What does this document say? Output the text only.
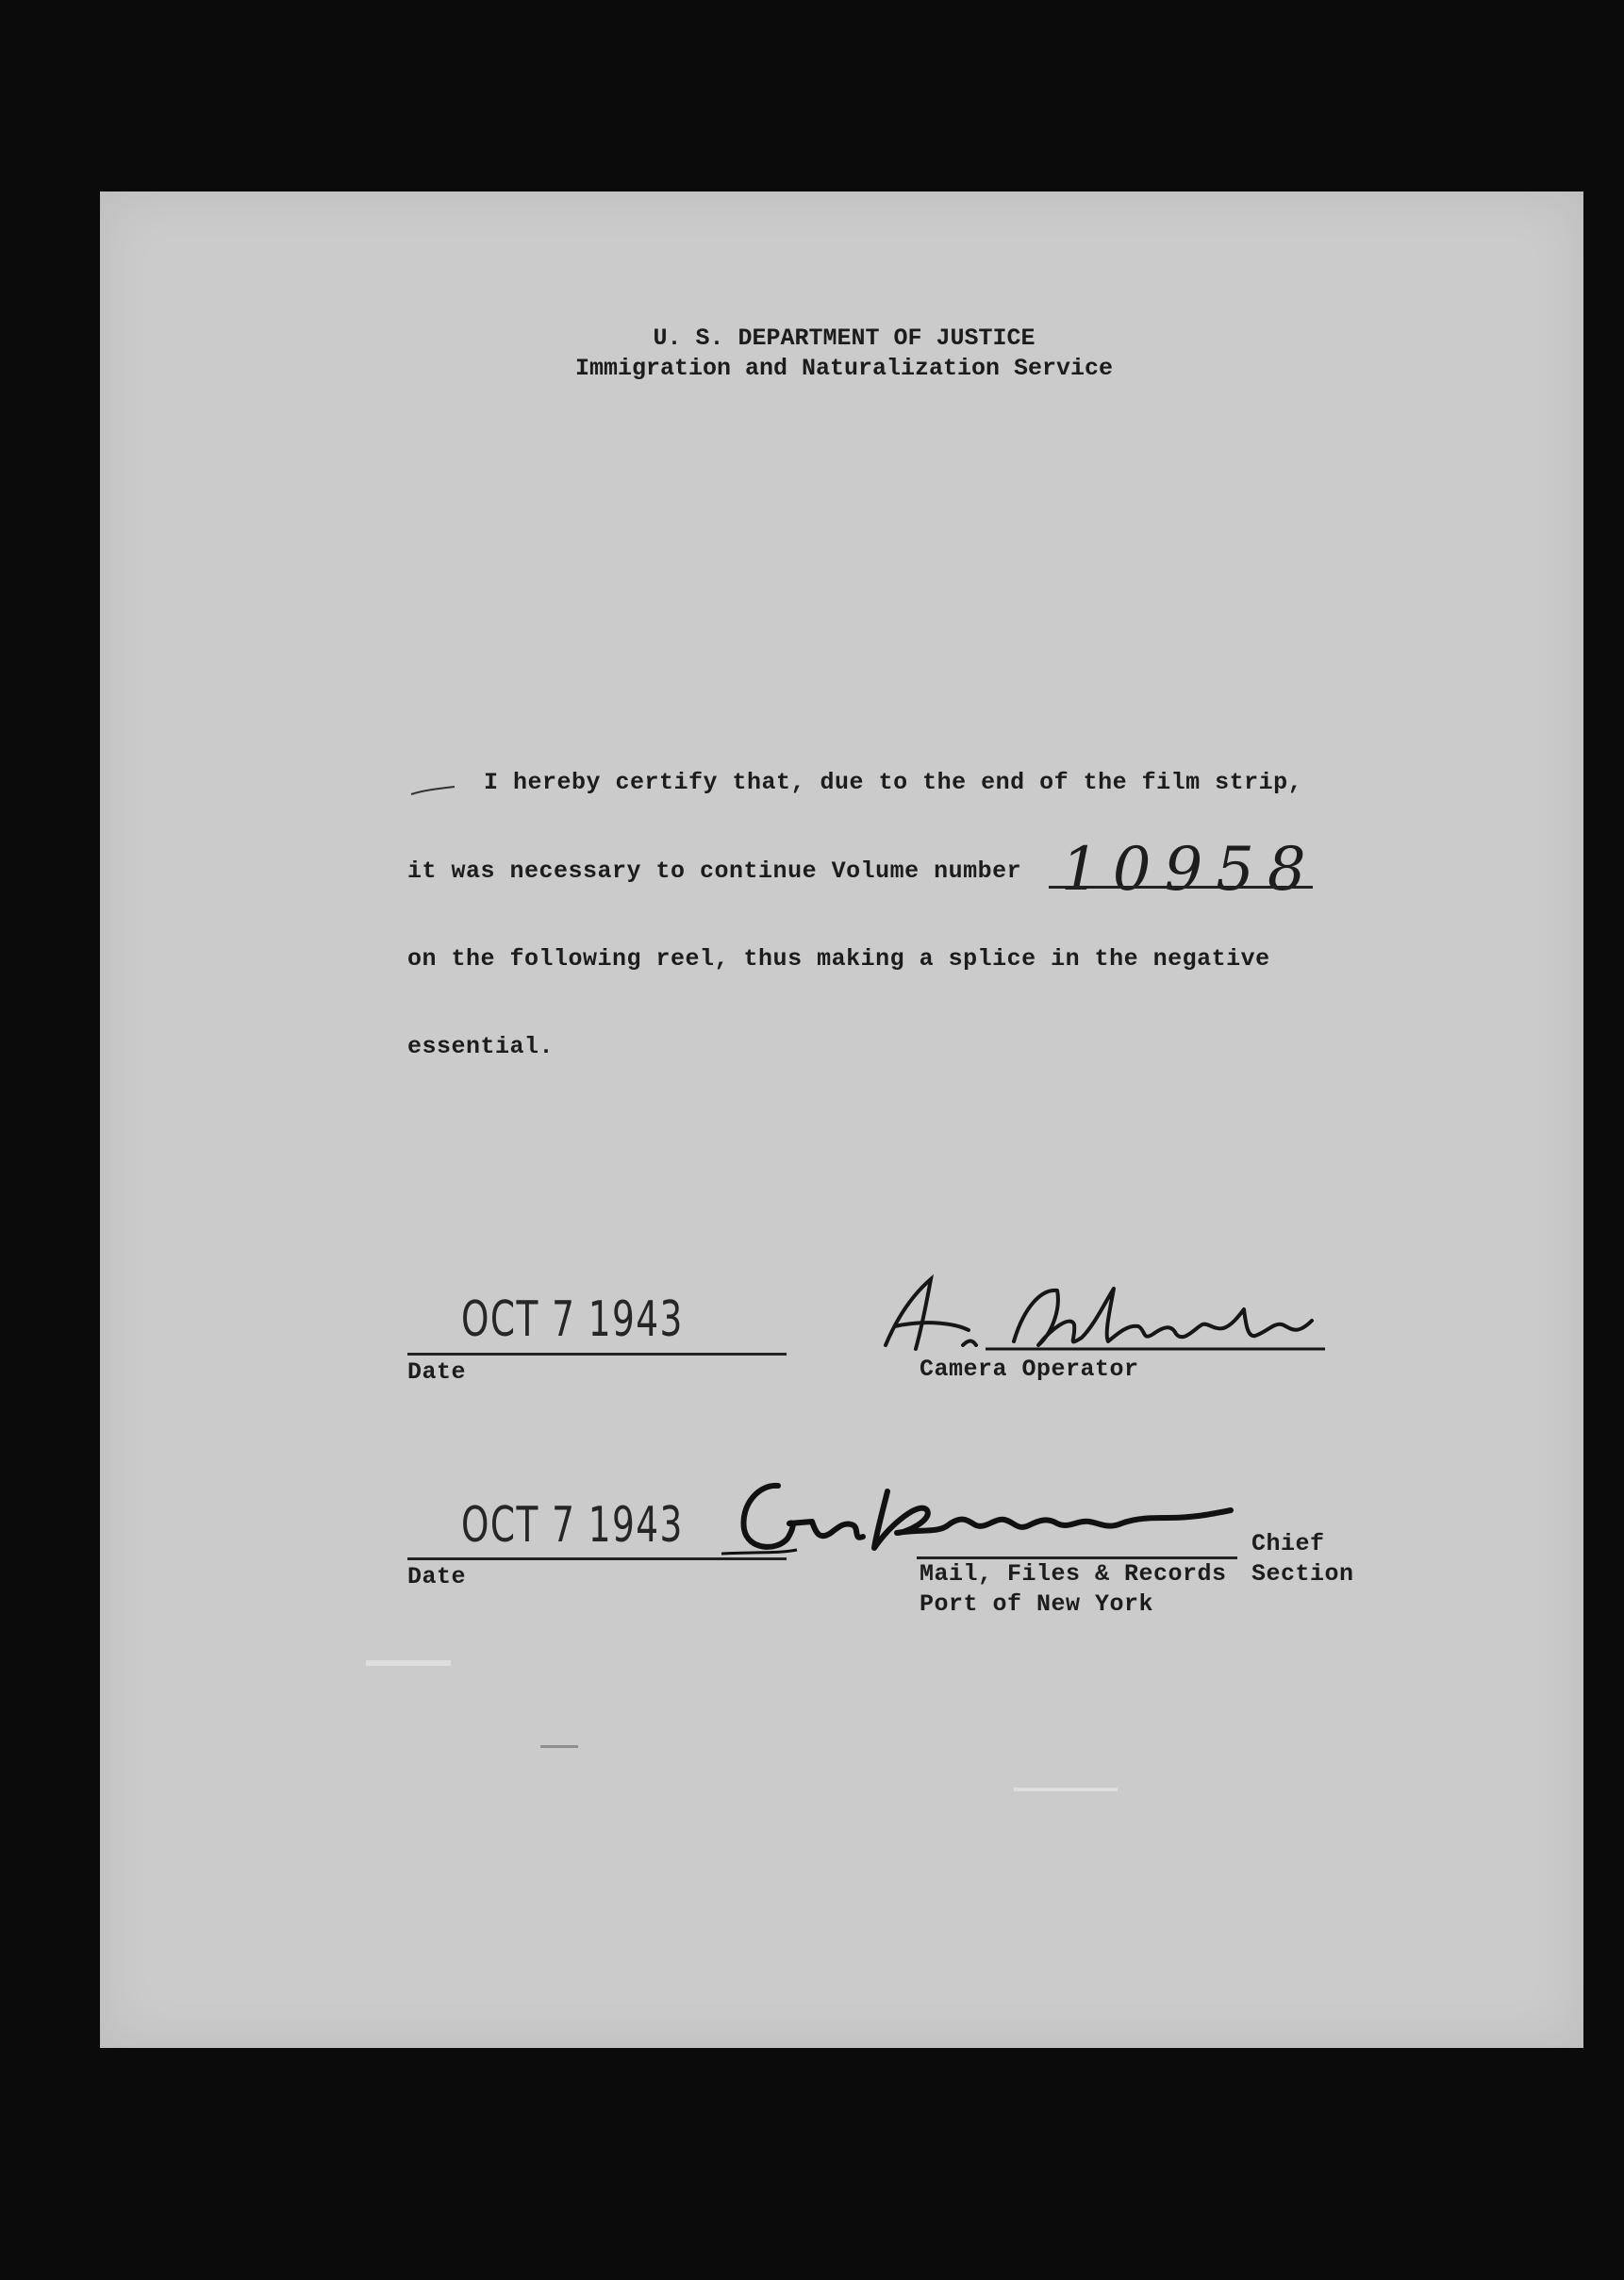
U. S. DEPARTMENT OF JUSTICE
Immigration and Naturalization Service
I hereby certify that, due to the end of the film strip,
it was necessary to continue Volume number 10958
on the following reel, thus making a splice in the negative
essential.
OCT 7 1943
Date	Camera Operator
OCT 7 1943
Date
Chief
Mail, Files & Records Section
Port of New York
